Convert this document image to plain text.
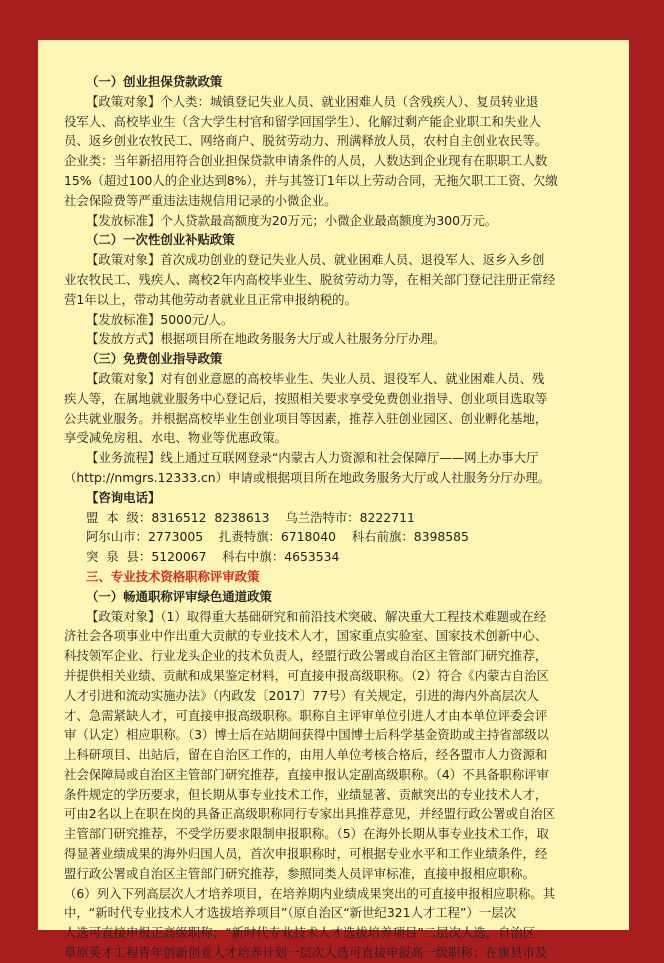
（一）创业担保贷款政策
【政策对象】个人类：城镇登记失业人员、就业困难人员（含残疾人）、复员转业退
役军人、高校毕业生（含大学生村官和留学回国学生）、化解过剩产能企业职工和失业人
员、返乡创业农牧民工、网络商户、脱贫劳动力、刑满释放人员，农村自主创业农民等。
企业类：当年新招用符合创业担保贷款申请条件的人员，人数达到企业现有在职职工人数
15%（超过100人的企业达到8%），并与其签订1年以上劳动合同，无拖欠职工工资、欠缴
社会保险费等严重违法违规信用记录的小微企业。
【发放标准】个人贷款最高额度为20万元；小微企业最高额度为300万元。
（二）一次性创业补贴政策
【政策对象】首次成功创业的登记失业人员、就业困难人员、退役军人、返乡入乡创
业农牧民工、残疾人、离校2年内高校毕业生、脱贫劳动力等，在相关部门登记注册正常经
营1年以上，带动其他劳动者就业且正常申报纳税的。
【发放标准】5000元/人。
【发放方式】根据项目所在地政务服务大厅或人社服务分厅办理。
（三）免费创业指导政策
【政策对象】对有创业意愿的高校毕业生、失业人员、退役军人、就业困难人员、残
疾人等，在属地就业服务中心登记后，按照相关要求享受免费创业指导、创业项目选取等
公共就业服务。并根据高校毕业生创业项目等因素，推荐入驻创业园区、创业孵化基地，
享受减免房租、水电、物业等优惠政策。
【业务流程】线上通过互联网登录“内蒙古人力资源和社会保障厅——网上办事大厅
（http://nmgrs.12333.cn）申请或根据项目所在地政务服务大厅或人社服务分厅办理。
【咨询电话】
盟  本  级：8316512  8238613    乌兰浩特市：8222711
阿尔山市：2773005    扎赉特旗：6718040    科右前旗：8398585
突  泉  县：5120067    科右中旗：4653534
三、专业技术资格职称评审政策
（一）畅通职称评审绿色通道政策
【政策对象】（1）取得重大基础研究和前沿技术突破、解决重大工程技术难题或在经
济社会各项事业中作出重大贡献的专业技术人才，国家重点实验室、国家技术创新中心、
科技领军企业、行业龙头企业的技术负责人，经盟行政公署或自治区主管部门研究推荐，
并提供相关业绩、贡献和成果鉴定材料，可直接申报高级职称。（2）符合《内蒙古自治区
人才引进和流动实施办法》（内政发〔2017〕77号）有关规定，引进的海内外高层次人
才、急需紧缺人才，可直接申报高级职称。职称自主评审单位引进人才由本单位评委会评
审（认定）相应职称。（3）博士后在站期间获得中国博士后科学基金资助或主持省部级以
上科研项目、出站后，留在自治区工作的，由用人单位考核合格后，经各盟市人力资源和
社会保障局或自治区主管部门研究推荐，直接申报认定副高级职称。（4）不具备职称评审
条件规定的学历要求，但长期从事专业技术工作，业绩显著、贡献突出的专业技术人才，
可由2名以上在职在岗的具备正高级职称同行专家出具推荐意见，并经盟行政公署或自治区
主管部门研究推荐，不受学历要求限制申报职称。（5）在海外长期从事专业技术工作，取
得显著业绩成果的海外归国人员，首次申报职称时，可根据专业水平和工作业绩条件，经
盟行政公署或自治区主管部门研究推荐，参照同类人员评审标准，直接申报相应职称。
（6）列入下列高层次人才培养项目，在培养期内业绩成果突出的可直接申报相应职称。其
中，“新时代专业技术人才选拔培养项目”（原自治区“新世纪321人才工程”）一层次
人选可直接申报正高级职称；“新时代专业技术人才选拔培养项目”二层次人选，自治区
草原英才工程青年创新创业人才培养计划一层次人选可直接申报高一级职称；在旗县市及
